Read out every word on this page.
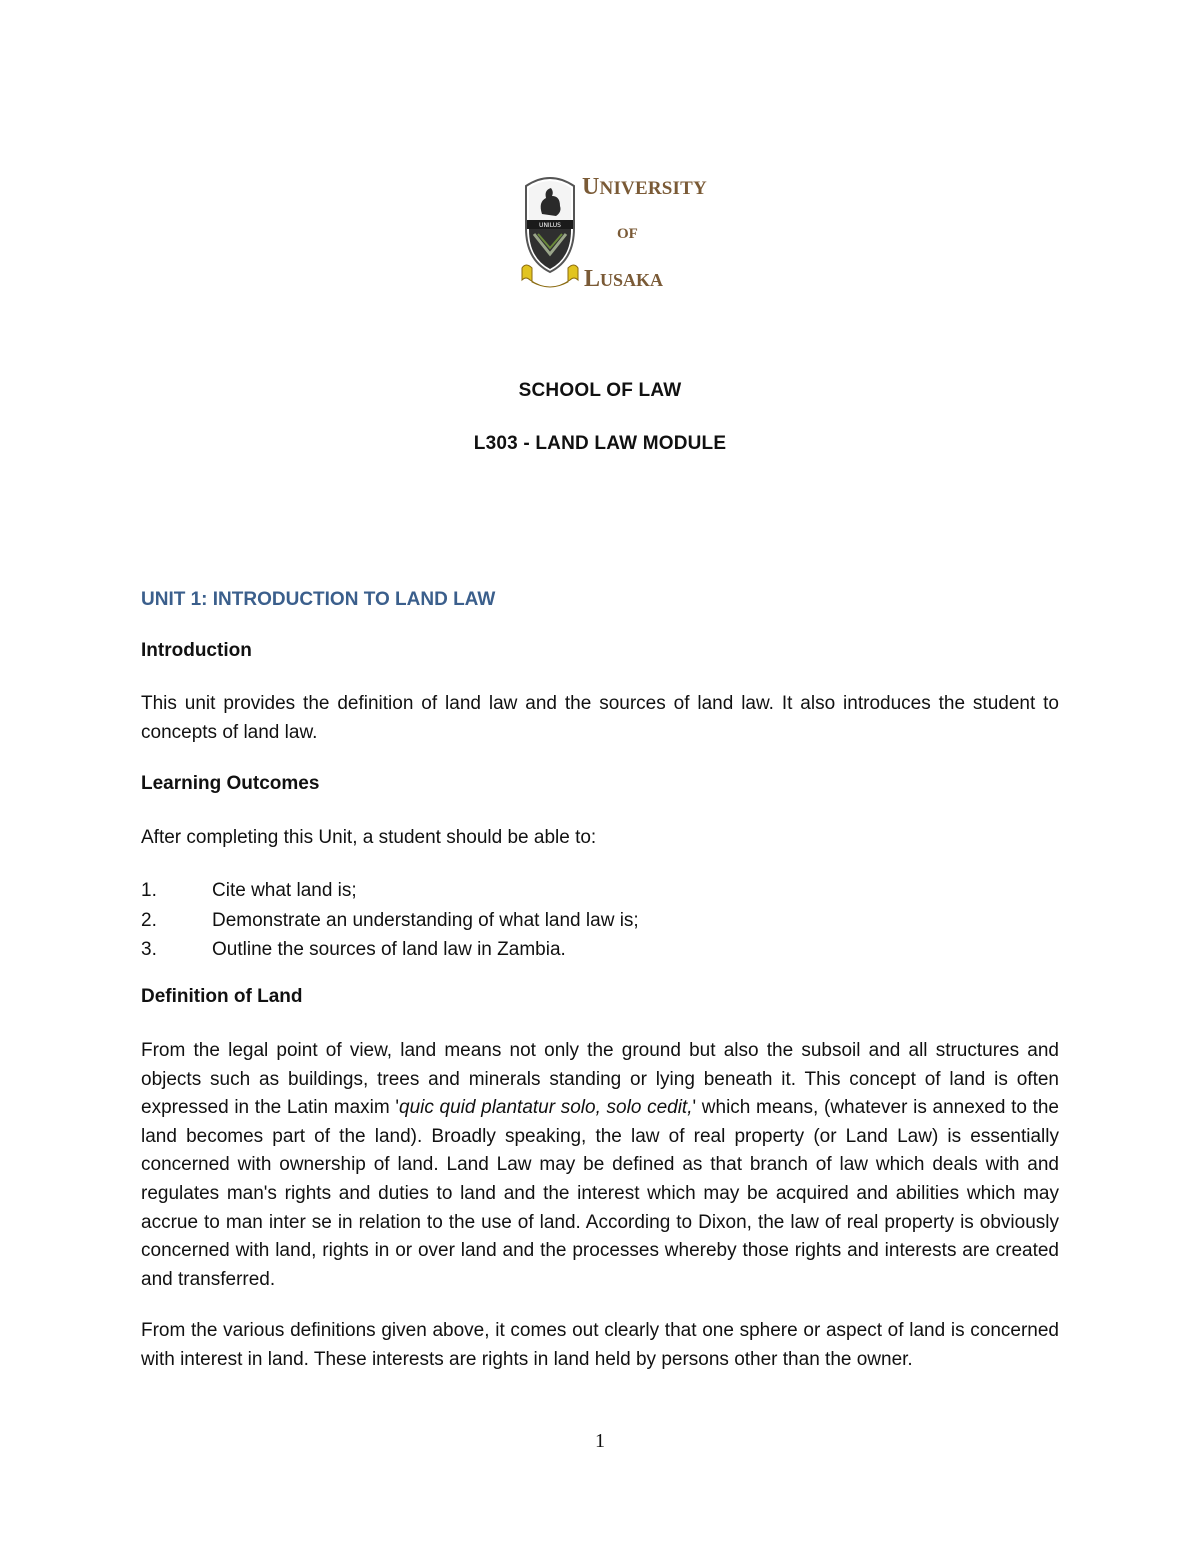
UNILUS
UNIVERSITY
OF
LUSAKA
SCHOOL OF LAW
L303 - LAND LAW MODULE
UNIT 1: INTRODUCTION TO LAND LAW
Introduction
This unit provides the definition of land law and the sources of land law. It also introduces the student to concepts of land law.
Learning Outcomes
After completing this Unit, a student should be able to:
1.	Cite what land is;
2.	Demonstrate an understanding of what land law is;
3.	Outline the sources of land law in Zambia.
Definition of Land
From the legal point of view, land means not only the ground but also the subsoil and all structures and objects such as buildings, trees and minerals standing or lying beneath it. This concept of land is often expressed in the Latin maxim 'quic quid plantatur solo, solo cedit,' which means, (whatever is annexed to the land becomes part of the land). Broadly speaking, the law of real property (or Land Law) is essentially concerned with ownership of land. Land Law may be defined as that branch of law which deals with and regulates man's rights and duties to land and the interest which may be acquired and abilities which may accrue to man inter se in relation to the use of land. According to Dixon, the law of real property is obviously concerned with land, rights in or over land and the processes whereby those rights and interests are created and transferred.
From the various definitions given above, it comes out clearly that one sphere or aspect of land is concerned with interest in land. These interests are rights in land held by persons other than the owner.
1
